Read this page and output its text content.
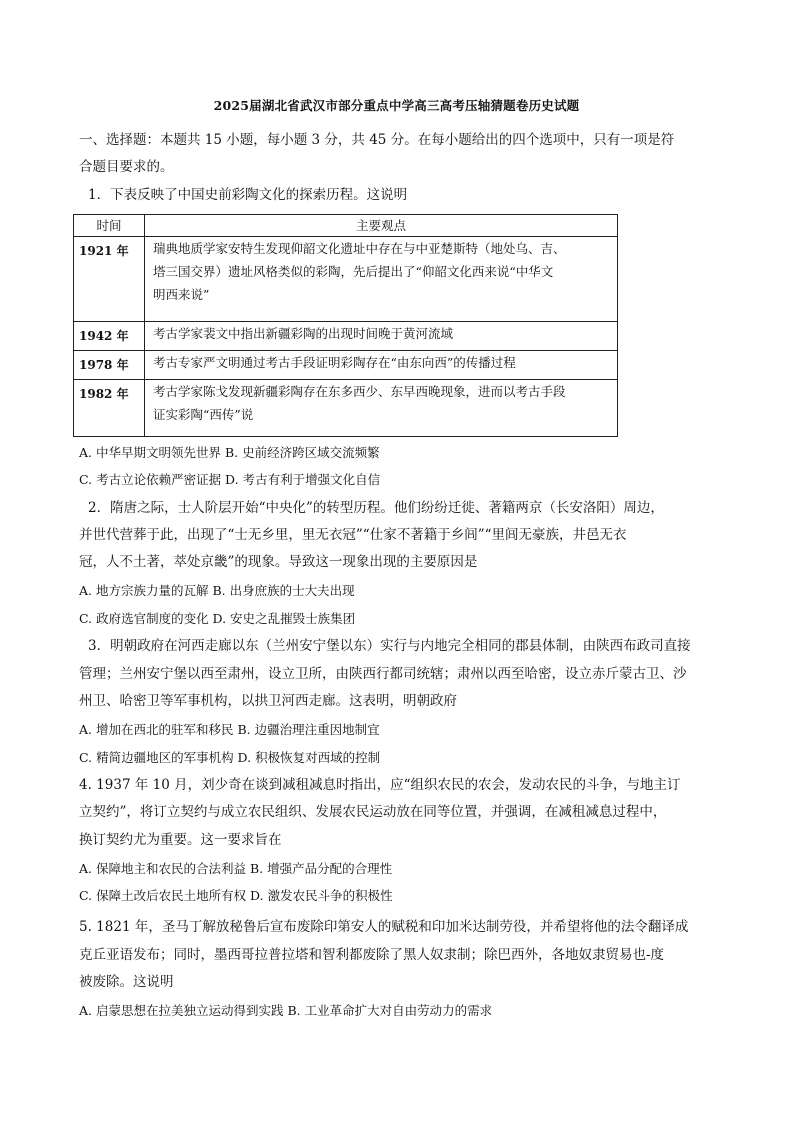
2025届湖北省武汉市部分重点中学高三高考压轴猜题卷历史试题
一、选择题：本题共 15 小题，每小题 3 分，共 45 分。在每小题给出的四个选项中，只有一项是符
合题目要求的。
1．下表反映了中国史前彩陶文化的探索历程。这说明
时间	主要观点
1921 年	瑞典地质学家安特生发现仰韶文化遗址中存在与中亚楚斯特（地处乌、吉、
塔三国交界）遗址风格类似的彩陶，先后提出了“仰韶文化西来说“中华文
明西来说”

1942 年	考古学家裴文中指出新疆彩陶的出现时间晚于黄河流域

1978 年	考古专家严文明通过考古手段证明彩陶存在“由东向西”的传播过程

1982 年	考古学家陈戈发现新疆彩陶存在东多西少、东早西晚现象，进而以考古手段
证实彩陶“西传”说
A. 中华早期文明领先世界 B. 史前经济跨区域交流频繁
C. 考古立论依赖严密证据 D. 考古有利于增强文化自信
2．隋唐之际，士人阶层开始“中央化”的转型历程。他们纷纷迁徙、著籍两京（长安洛阳）周边，
并世代营葬于此，出现了“士无乡里，里无衣冠”“仕家不著籍于乡闾”“里闾无豪族，井邑无衣
冠，人不土著，萃处京畿”的现象。导致这一现象出现的主要原因是
A. 地方宗族力量的瓦解 B. 出身庶族的士大夫出现
C. 政府选官制度的变化 D. 安史之乱摧毁士族集团
3．明朝政府在河西走廊以东（兰州安宁堡以东）实行与内地完全相同的郡县体制，由陕西布政司直接
管理；兰州安宁堡以西至肃州，设立卫所，由陕西行都司统辖；肃州以西至哈密，设立赤斤蒙古卫、沙
州卫、哈密卫等军事机构，以拱卫河西走廊。这表明，明朝政府
A. 增加在西北的驻军和移民 B. 边疆治理注重因地制宜
C. 精简边疆地区的军事机构 D. 积极恢复对西域的控制
4. 1937 年 10 月，刘少奇在谈到减租减息时指出，应“组织农民的农会，发动农民的斗争，与地主订
立契约”，将订立契约与成立农民组织、发展农民运动放在同等位置，并强调，在减租减息过程中，
换订契约尤为重要。这一要求旨在
A. 保障地主和农民的合法利益 B. 增强产品分配的合理性
C. 保障土改后农民土地所有权 D. 激发农民斗争的积极性
5. 1821 年，圣马丁解放秘鲁后宣布废除印第安人的赋税和印加米达制劳役，并希望将他的法令翻译成
克丘亚语发布；同时，墨西哥拉普拉塔和智利都废除了黑人奴隶制；除巴西外，各地奴隶贸易也-度
被废除。这说明
A. 启蒙思想在拉美独立运动得到实践 B. 工业革命扩大对自由劳动力的需求
